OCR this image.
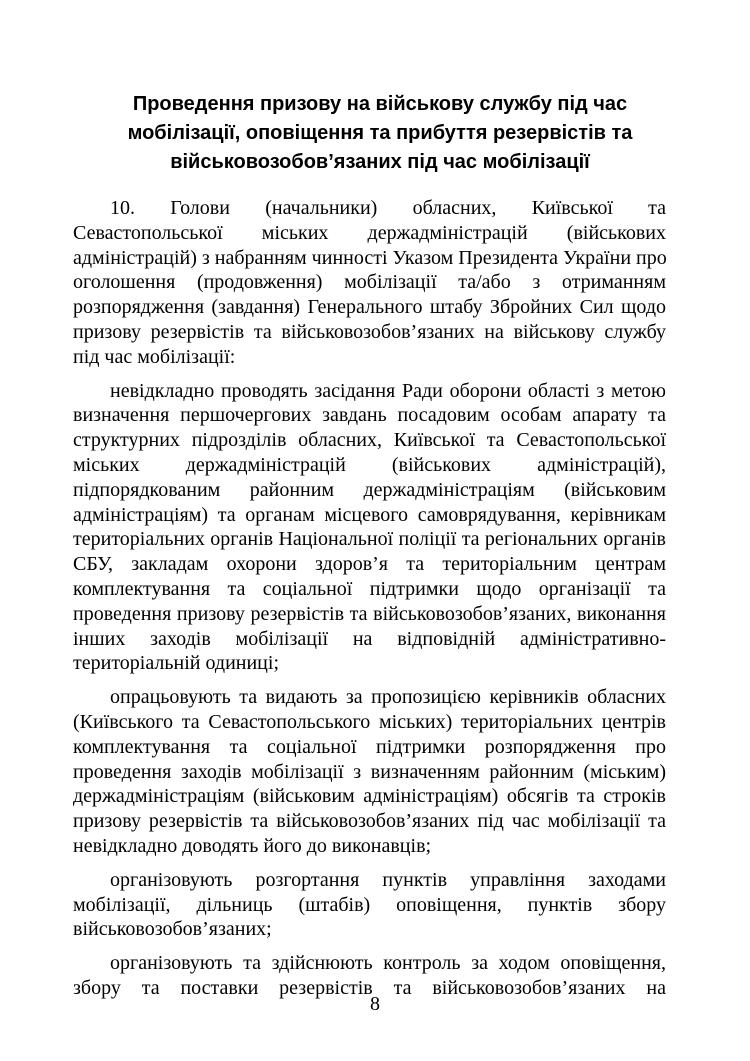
Проведення призову на військову службу під час
мобілізації, оповіщення та прибуття резервістів та
військовозобов’язаних під час мобілізації

10. Голови (начальники) обласних, Київської та
Севастопольської міських держадміністрацій (військових
адміністрацій) з набранням чинності Указом Президента України про
оголошення (продовження) мобілізації та/або з отриманням
розпорядження (завдання) Генерального штабу Збройних Сил щодо
призову резервістів та військовозобов’язаних на військову службу
під час мобілізації:

невідкладно проводять засідання Ради оборони області з метою
визначення першочергових завдань посадовим особам апарату та
структурних підрозділів обласних, Київської та Севастопольської
міських держадміністрацій (військових адміністрацій),
підпорядкованим районним держадміністраціям (військовим
адміністраціям) та органам місцевого самоврядування, керівникам
територіальних органів Національної поліції та регіональних органів
СБУ, закладам охорони здоров’я та територіальним центрам
комплектування та соціальної підтримки щодо організації та
проведення призову резервістів та військовозобов’язаних, виконання
інших заходів мобілізації на відповідній адміністративно-
територіальній одиниці;

опрацьовують та видають за пропозицією керівників обласних
(Київського та Севастопольського міських) територіальних центрів
комплектування та соціальної підтримки розпорядження про
проведення заходів мобілізації з визначенням районним (міським)
держадміністраціям (військовим адміністраціям) обсягів та строків
призову резервістів та військовозобов’язаних під час мобілізації та
невідкладно доводять його до виконавців;

організовують розгортання пунктів управління заходами
мобілізації, дільниць (штабів) оповіщення, пунктів збору
військовозобов’язаних;

організовують та здійснюють контроль за ходом оповіщення,
збору та поставки резервістів та військовозобов’язаних на

8
